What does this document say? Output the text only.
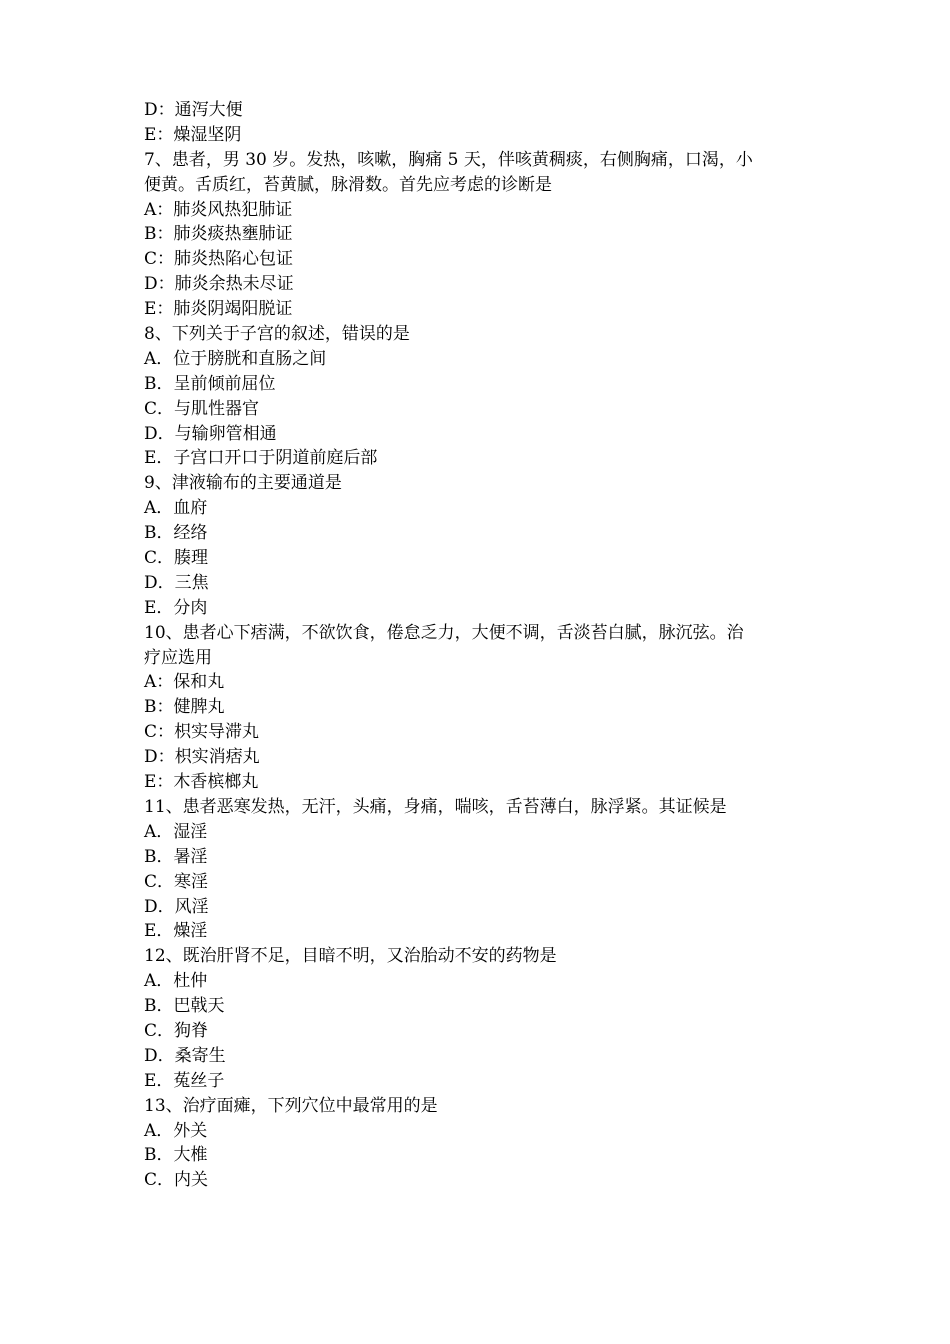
D：通泻大便

E：燥湿坚阴

7、患者，男 30 岁。发热，咳嗽，胸痛 5 天，伴咳黄稠痰，右侧胸痛，口渴，小

便黄。舌质红，苔黄腻，脉滑数。首先应考虑的诊断是

A：肺炎风热犯肺证

B：肺炎痰热壅肺证

C：肺炎热陷心包证

D：肺炎余热未尽证

E：肺炎阴竭阳脱证

8、下列关于子宫的叙述，错误的是

A．位于膀胱和直肠之间

B．呈前倾前屈位

C．与肌性器官

D．与输卵管相通

E．子宫口开口于阴道前庭后部

9、津液输布的主要通道是

A．血府

B．经络

C．腠理

D．三焦

E．分肉

10、患者心下痞满，不欲饮食，倦怠乏力，大便不调，舌淡苔白腻，脉沉弦。治

疗应选用

A：保和丸

B：健脾丸

C：枳实导滞丸

D：枳实消痞丸

E：木香槟榔丸

11、患者恶寒发热，无汗，头痛，身痛，喘咳，舌苔薄白，脉浮紧。其证候是

A．湿淫

B．暑淫

C．寒淫

D．风淫

E．燥淫

12、既治肝肾不足，目暗不明，又治胎动不安的药物是

A．杜仲

B．巴戟天

C．狗脊

D．桑寄生

E．菟丝子

13、治疗面瘫，下列穴位中最常用的是

A．外关

B．大椎

C．内关
